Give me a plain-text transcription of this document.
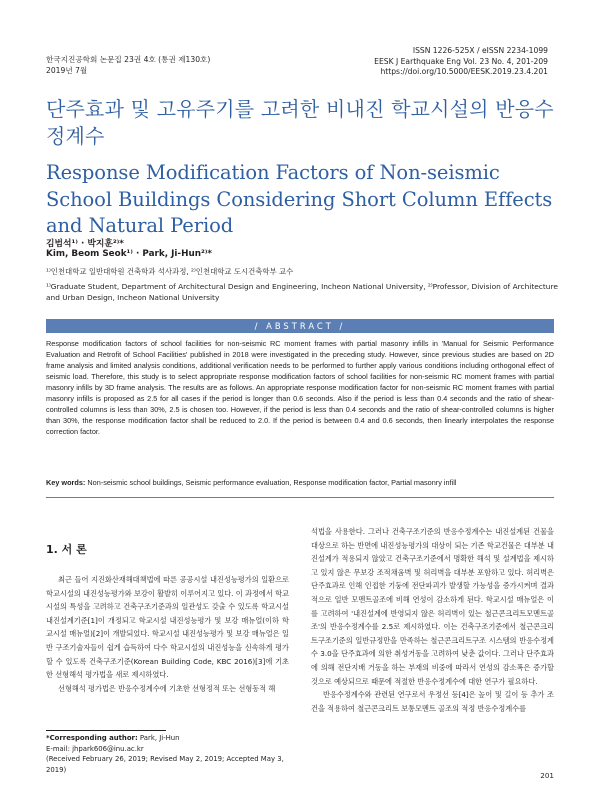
한국지진공학회 논문집 23권 4호 (통권 제130호)
2019년 7월
ISSN 1226-525X / eISSN 2234-1099
EESK J Earthquake Eng Vol. 23 No. 4, 201-209
https://doi.org/10.5000/EESK.2019.23.4.201
단주효과 및 고유주기를 고려한 비내진 학교시설의 반응수정계수
Response Modification Factors of Non-seismic School Buildings Considering Short Column Effects and Natural Period
김범석¹⁾ · 박지훈²⁾*
Kim, Beom Seok¹⁾ · Park, Ji-Hun²⁾*
¹⁾인천대학교 일반대학원 건축학과 석사과정, ²⁾인천대학교 도시건축학부 교수
¹⁾Graduate Student, Department of Architectural Design and Engineering, Incheon National University, ²⁾Professor, Division of Architecture and Urban Design, Incheon National University
/ ABSTRACT /
Response modification factors of school facilities for non-seismic RC moment frames with partial masonry infills in 'Manual for Seismic Performance Evaluation and Retrofit of School Facilities' published in 2018 were investigated in the preceding study. However, since previous studies are based on 2D frame analysis and limited analysis conditions, additional verification needs to be performed to further apply various conditions including orthogonal effect of seismic load. Therefore, this study is to select appropriate response modification factors of school facilities for non-seismic RC moment frames with partial masonry infills by 3D frame analysis. The results are as follows. An appropriate response modification factor for non-seismic RC moment frames with partial masonry infills is proposed as 2.5 for all cases if the period is longer than 0.6 seconds. Also if the period is less than 0.4 seconds and the ratio of shear-controlled columns is less than 30%, 2.5 is chosen too. However, if the period is less than 0.4 seconds and the ratio of shear-controlled columns is higher than 30%, the response modification factor shall be reduced to 2.0. If the period is between 0.4 and 0.6 seconds, then linearly interpolates the response correction factor.
Key words: Non-seismic school buildings, Seismic performance evaluation, Response modification factor, Partial masonry infill
1. 서 론

최근 들어 지진화산재해대책법에 따른 공공시설 내진성능평가의 일환으로 학교시설의 내진성능평가와 보강이 활발히 이루어지고 있다. 이 과정에서 학교시설의 특성을 고려하고 건축구조기준과의 일관성도 갖출 수 있도록 학교시설 내진설계기준[1]이 개정되고 학교시설 내진성능평가 및 보강 매뉴얼(이하 학교시설 매뉴얼)[2]이 개발되었다. 학교시설 내진성능평가 및 보강 매뉴얼은 일반 구조기술자들이 쉽게 습득하여 다수 학교시설의 내진성능을 신속하게 평가할 수 있도록 건축구조기준(Korean Building Code, KBC 2016)[3]에 기초한 선형해석 평가법을 새로 제시하였다.

선형해석 평가법은 반응수정계수에 기초한 선형정적 또는 선형동적 해

석법을 사용한다. 그러나 건축구조기준의 반응수정계수는 내진설계된 건물을 대상으로 하는 반면에 내진성능평가의 대상이 되는 기존 학교건물은 대부분 내진설계가 적용되지 않았고 건축구조기준에서 명확한 해석 및 설계법을 제시하고 있지 않은 무보강 조적채움벽 및 허리벽을 대부분 포함하고 있다. 허리벽은 단주효과로 인해 인접한 기둥에 전단파괴가 발생할 가능성을 증가시켜며 결과적으로 일반 모멘트골조에 비해 연성이 감소하게 된다. 학교시설 매뉴얼은 이를 고려하여 '내진설계에 반영되지 않은 허리벽이 있는 철근콘크리트모멘트골조'의 반응수정계수를 2.5로 제시하였다. 이는 건축구조기준에서 철근콘크리트구조기준의 일반규정만을 만족하는 철근콘크리트구조 시스템의 반응수정계수 3.0을 단주효과에 의한 취성거동을 고려하여 낮춘 값이다. 그러나 단주효과에 의해 전단지배 거동을 하는 부재의 비중에 따라서 연성의 감소폭은 증가할 것으로 예상되므로 때문에 적절한 반응수정계수에 대한 연구가 필요하다.

반응수정계수와 관련된 연구로서 우정선 등[4]은 높이 및 길이 등 추가 조건을 적용하여 철근콘크리트 보통모멘트 골조의 적정 반응수정계수를

*Corresponding author: Park, Ji-Hun
E-mail: jhpark606@inu.ac.kr
(Received February 26, 2019; Revised May 2, 2019; Accepted May 3, 2019)
201
